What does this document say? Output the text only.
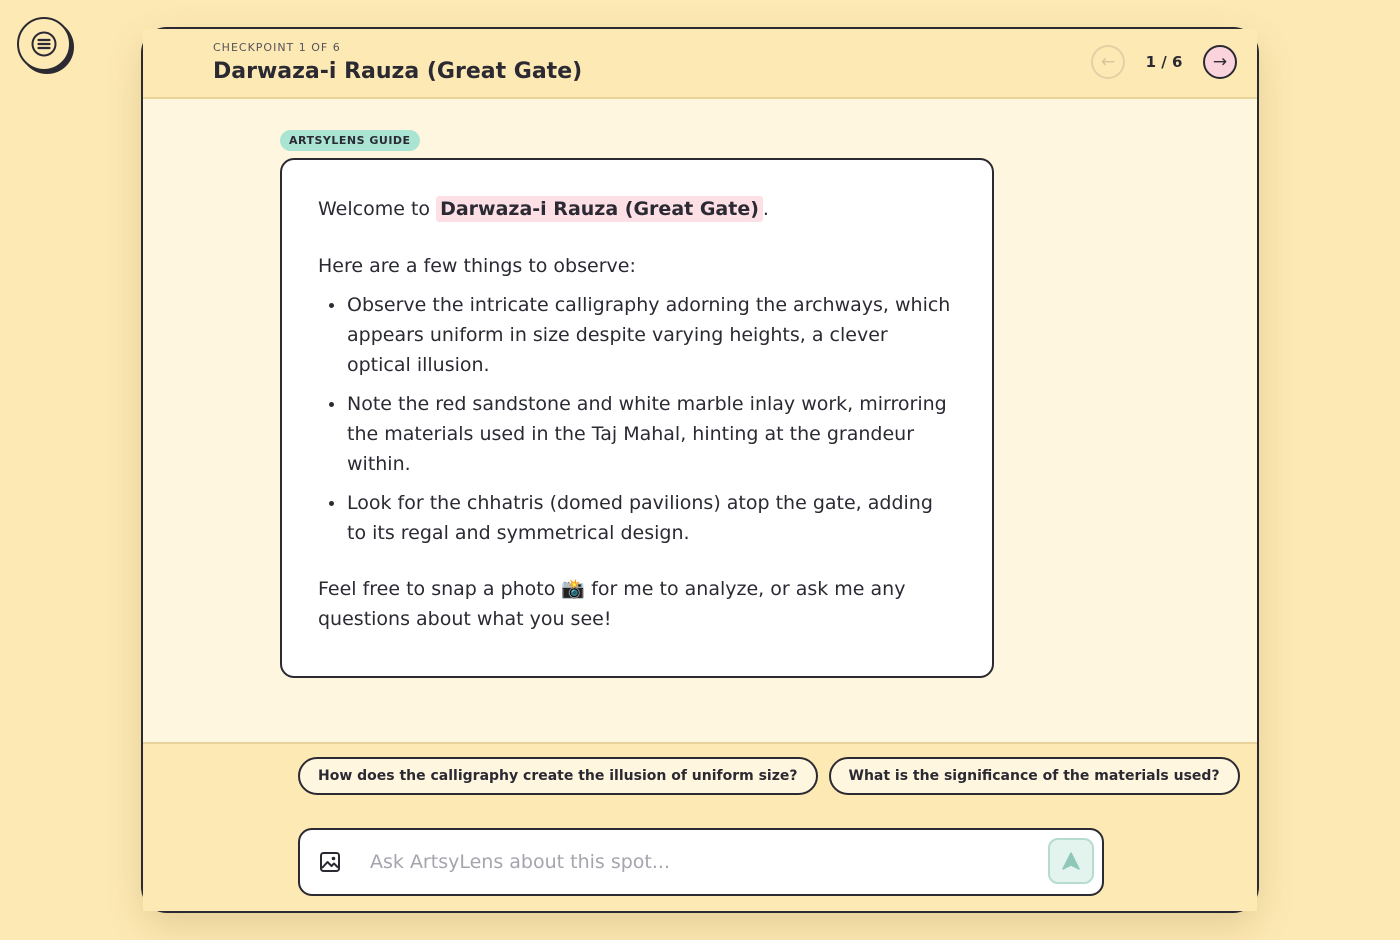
CHECKPOINT 1 OF 6
Darwaza-i Rauza (Great Gate)	←	1 / 6	→
ARTSYLENS GUIDE

Welcome to Darwaza-i Rauza (Great Gate) .

Here are a few things to observe:

Observe the intricate calligraphy adorning the archways, which appears uniform in size despite varying heights, a clever optical illusion.
Note the red sandstone and white marble inlay work, mirroring the materials used in the Taj Mahal, hinting at the grandeur within.
Look for the chhatris (domed pavilions) atop the gate, adding to its regal and symmetrical design.

Feel free to snap a photo 📸 for me to analyze, or ask me any questions about what you see!

How does the calligraphy create the illusion of uniform size?	What is the significance of the materials used?
Ask ArtsyLens about this spot...
